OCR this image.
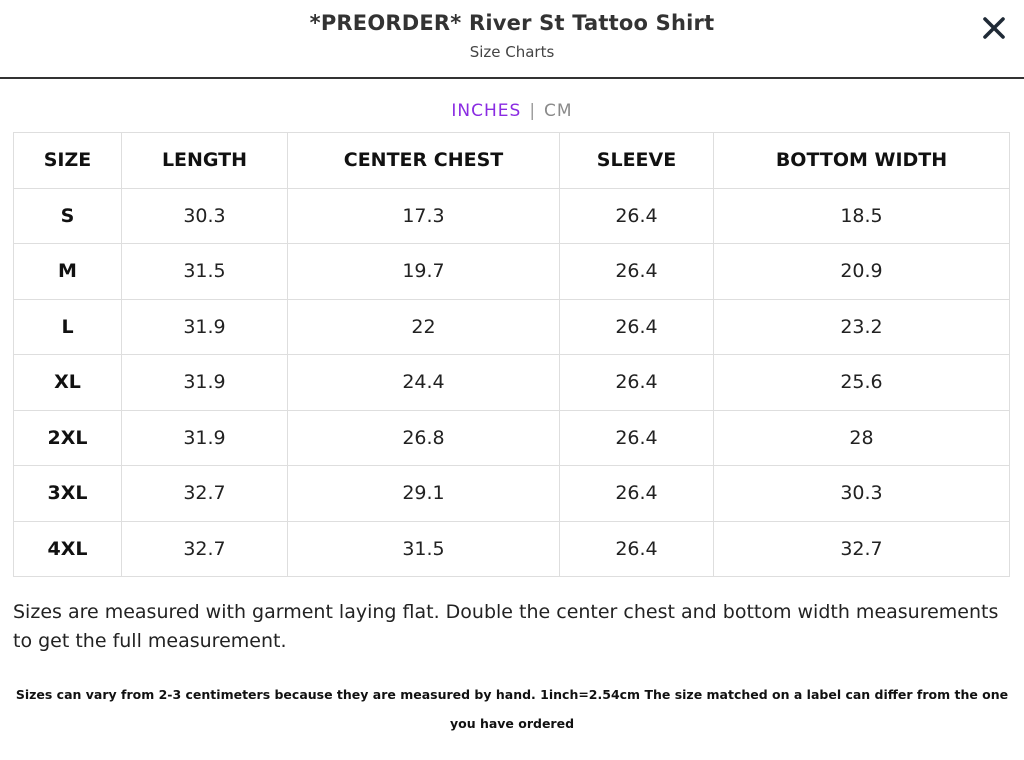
*PREORDER* River St Tattoo Shirt
Size Charts
INCHES | CM
SIZE	LENGTH	CENTER CHEST	SLEEVE	BOTTOM WIDTH
S	30.3	17.3	26.4	18.5
M	31.5	19.7	26.4	20.9
L	31.9	22	26.4	23.2
XL	31.9	24.4	26.4	25.6
2XL	31.9	26.8	26.4	28
3XL	32.7	29.1	26.4	30.3
4XL	32.7	31.5	26.4	32.7
Sizes are measured with garment laying flat. Double the center chest and bottom width measurements to get the full measurement.
Sizes can vary from 2-3 centimeters because they are measured by hand. 1inch=2.54cm The size matched on a label can differ from the one you have ordered
